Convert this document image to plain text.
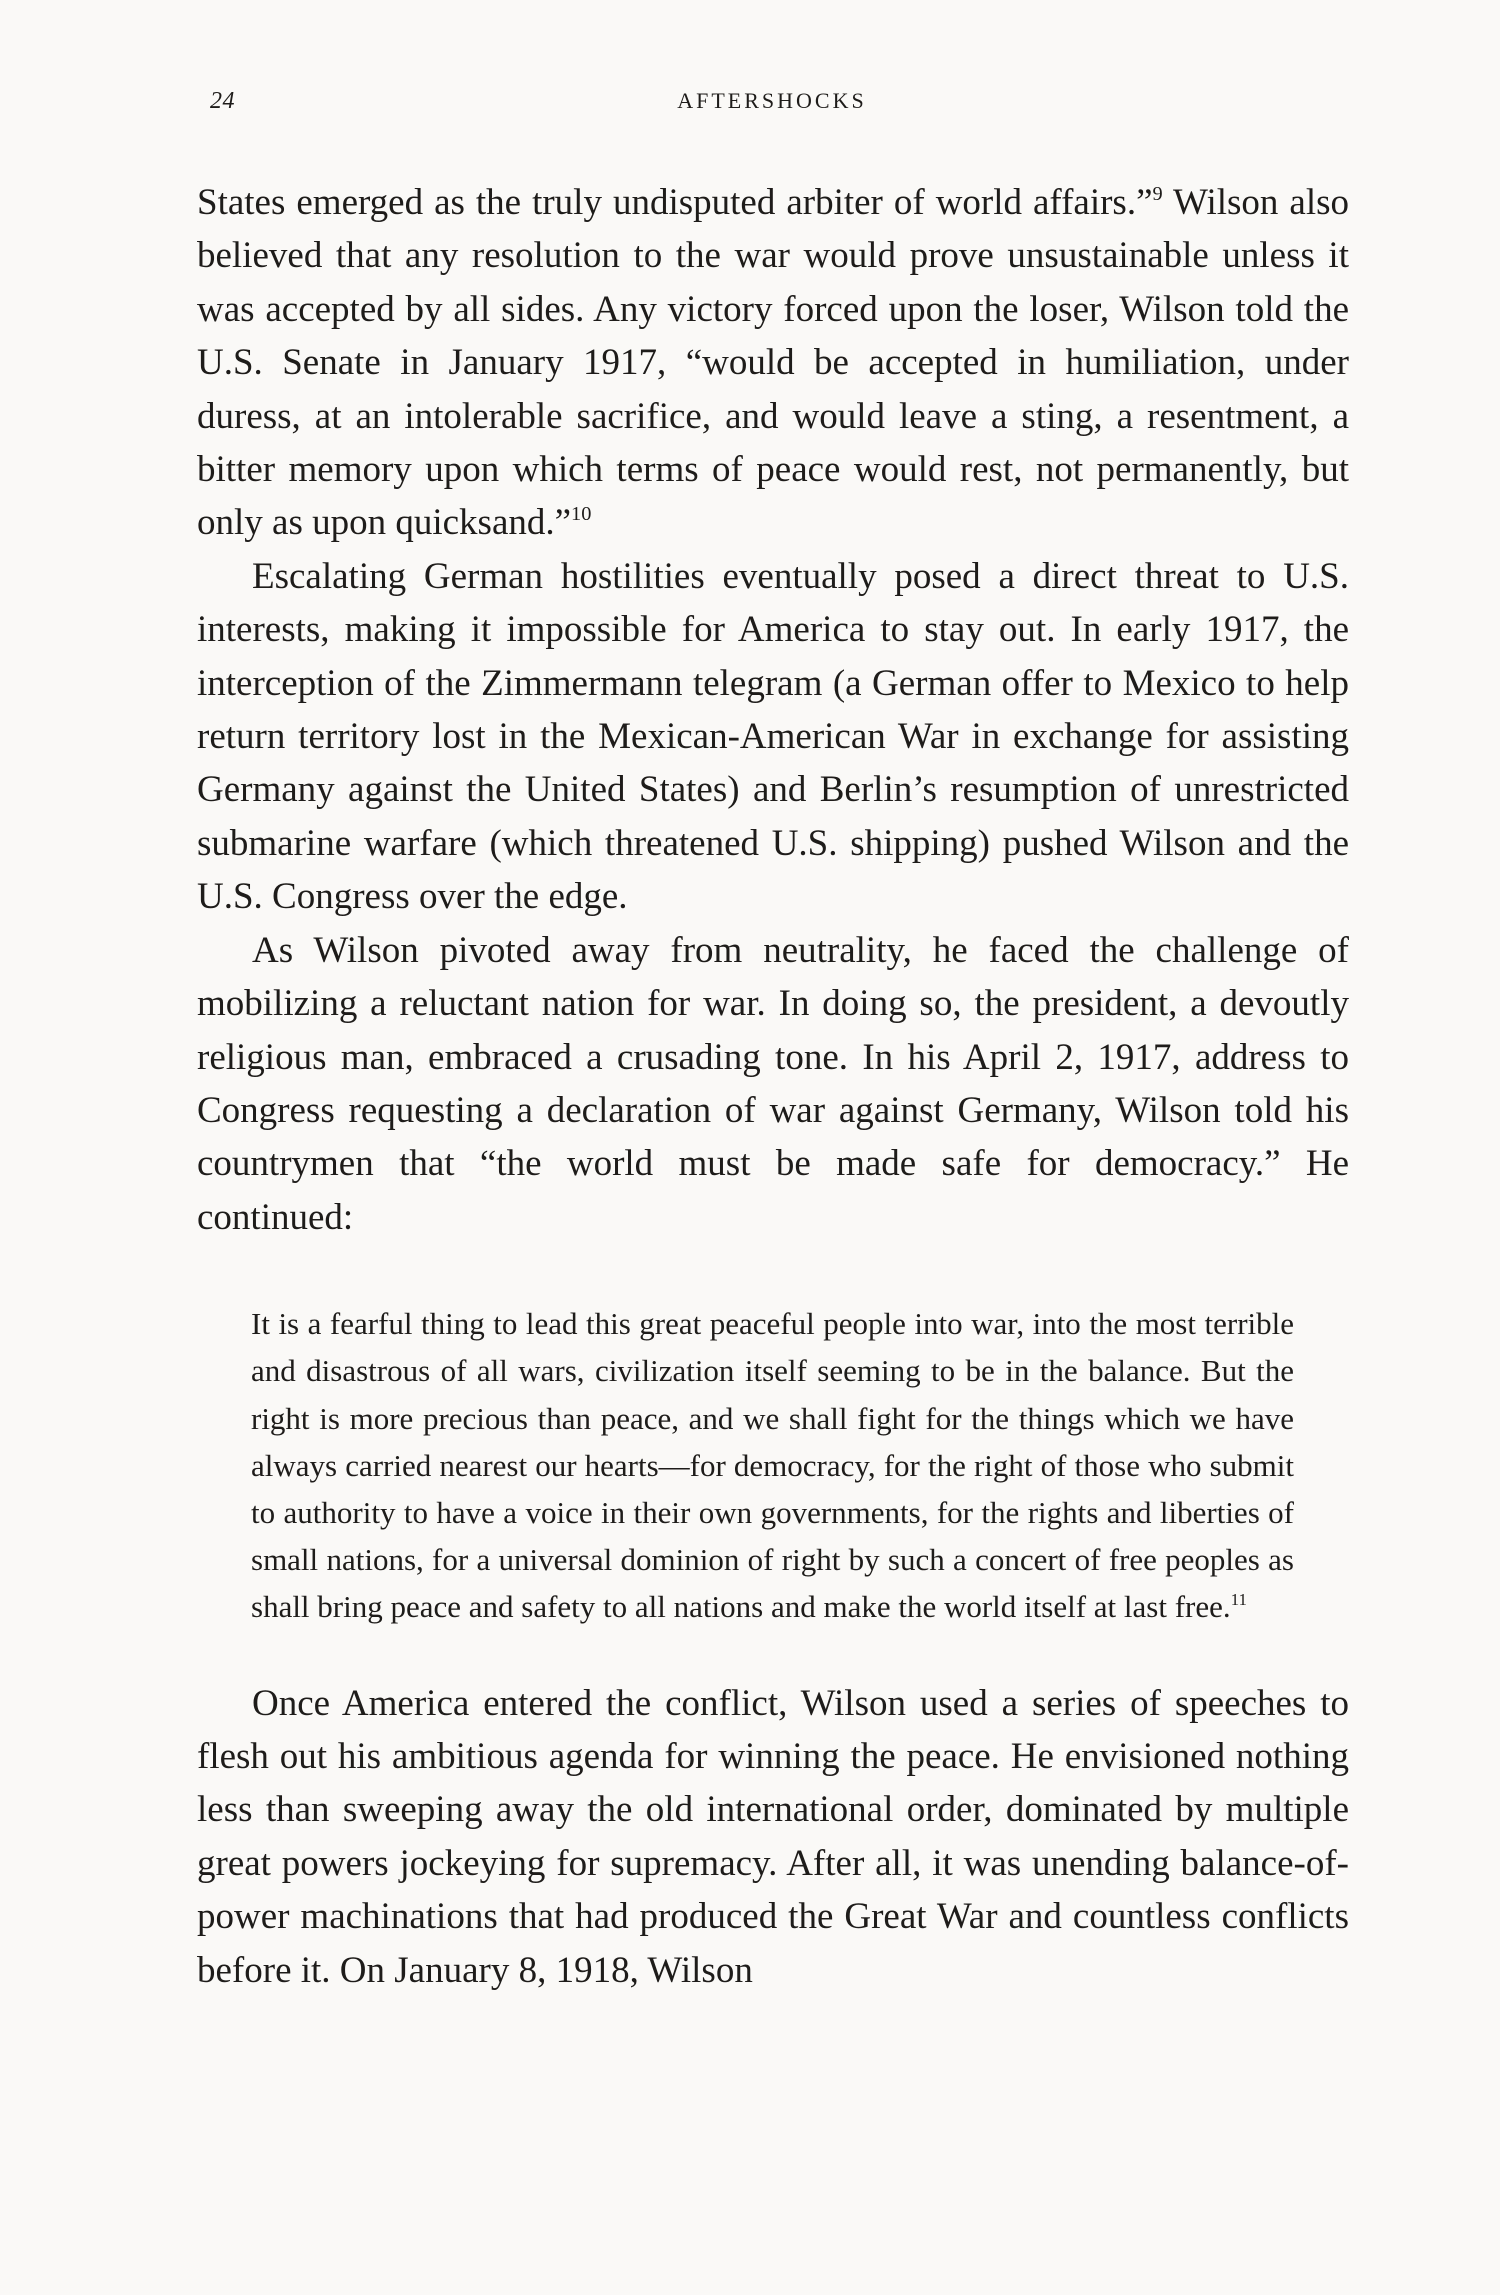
24	AFTERSHOCKS

States emerged as the truly undisputed arbiter of world affairs.”$^9$ Wilson also believed that any resolution to the war would prove unsustainable unless it was accepted by all sides. Any victory forced upon the loser, Wilson told the U.S. Senate in January 1917, “would be accepted in humiliation, under duress, at an intolerable sacrifice, and would leave a sting, a resentment, a bitter memory upon which terms of peace would rest, not permanently, but only as upon quicksand.”$^{10}$

Escalating German hostilities eventually posed a direct threat to U.S. interests, making it impossible for America to stay out. In early 1917, the interception of the Zimmermann telegram (a German offer to Mexico to help return territory lost in the Mexican-American War in exchange for assisting Germany against the United States) and Berlin’s resumption of unrestricted submarine warfare (which threatened U.S. shipping) pushed Wilson and the U.S. Congress over the edge.

As Wilson pivoted away from neutrality, he faced the challenge of mobilizing a reluctant nation for war. In doing so, the president, a devoutly religious man, embraced a crusading tone. In his April 2, 1917, address to Congress requesting a declaration of war against Germany, Wilson told his countrymen that “the world must be made safe for democracy.” He continued:

It is a fearful thing to lead this great peaceful people into war, into the most terrible and disastrous of all wars, civilization itself seeming to be in the balance. But the right is more precious than peace, and we shall fight for the things which we have always carried nearest our hearts—for democracy, for the right of those who submit to authority to have a voice in their own governments, for the rights and liberties of small nations, for a universal dominion of right by such a concert of free peoples as shall bring peace and safety to all nations and make the world itself at last free.$^{11}$

Once America entered the conflict, Wilson used a series of speeches to flesh out his ambitious agenda for winning the peace. He envisioned nothing less than sweeping away the old international order, dominated by multiple great powers jockeying for supremacy. After all, it was unending balance-of-power machinations that had produced the Great War and countless conflicts before it. On January 8, 1918, Wilson
